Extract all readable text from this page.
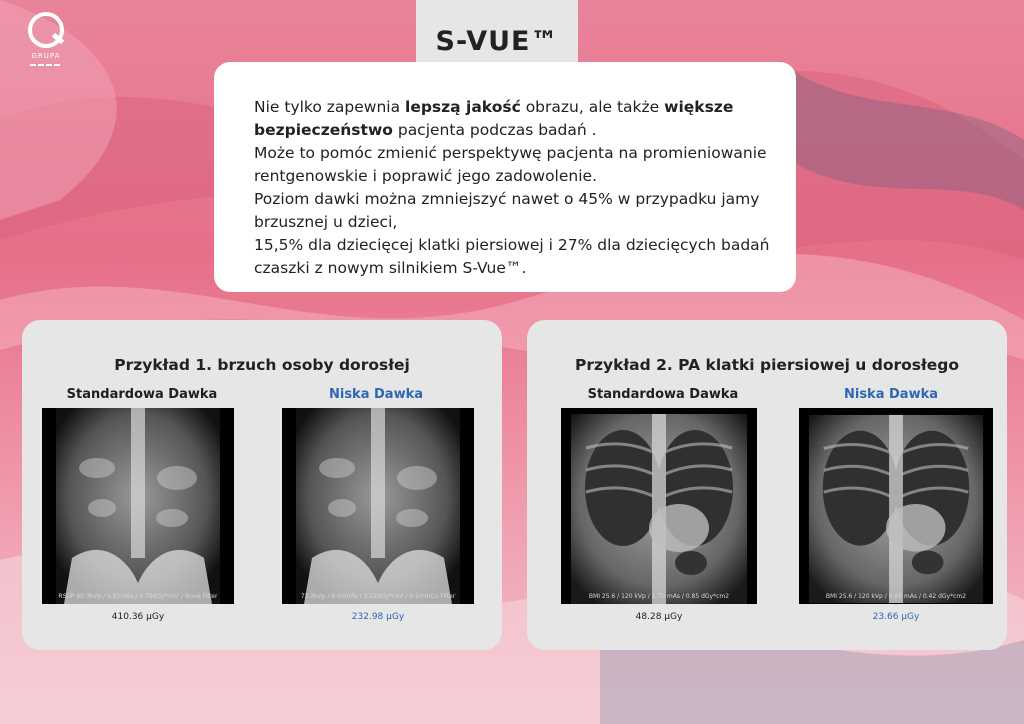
GRUPA	S-VUE™

Nie tylko zapewnia lepszą jakość obrazu, ale także większe bezpieczeństwo pacjenta podczas badań .
Może to pomóc zmienić perspektywę pacjenta na promieniowanie rentgenowskie i poprawić jego zadowolenie.
Poziom dawki można zmniejszyć nawet o 45% w przypadku jamy brzusznej u dzieci,
15,5% dla dziecięcej klatki piersiowej i 27% dla dziecięcych badań czaszki z nowym silnikiem S-Vue™.

Przykład 1. brzuch osoby dorosłej
Standardowa Dawka	Niska Dawka
RSUP 80.3kVp / 5.91mAs / 3.79dGy*cm² / None Filter	72.3kVp / 8.60mAs / 3.12dGy*cm² / 0.1mmCu Filter
410.36 μGy	232.98 μGy
Przykład 2. PA klatki piersiowej u dorosłego
Standardowa Dawka	Niska Dawka
BMI 25.6 / 120 kVp / 1.70 mAs / 0.85 dGy*cm2	BMI 25.6 / 120 kVp / 0.85 mAs / 0.42 dGy*cm2
48.28 μGy	23.66 μGy
